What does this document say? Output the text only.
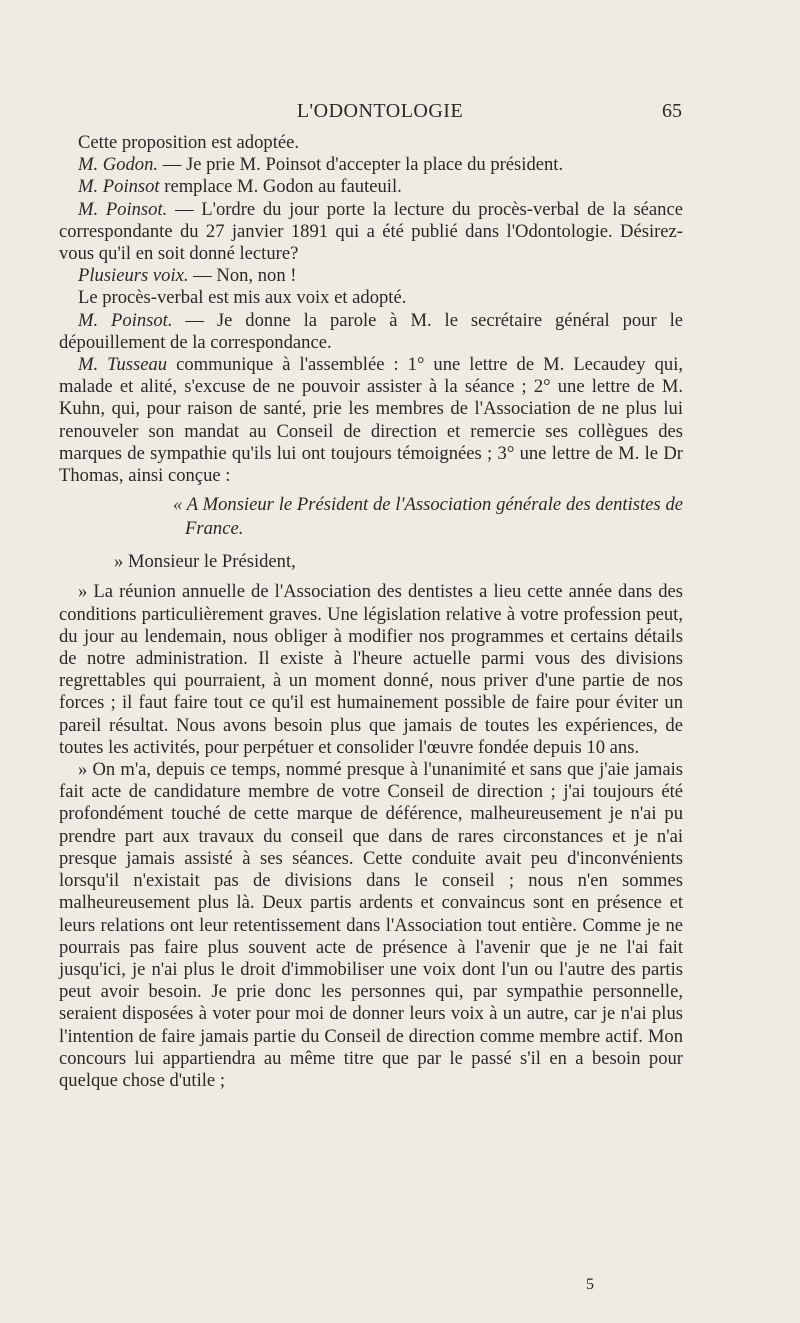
L'ODONTOLOGIE	65

Cette proposition est adoptée.

M. Godon. — Je prie M. Poinsot d'accepter la place du président.

M. Poinsot remplace M. Godon au fauteuil.

M. Poinsot. — L'ordre du jour porte la lecture du procès-verbal de la séance correspondante du 27 janvier 1891 qui a été publié dans l'Odontologie. Désirez-vous qu'il en soit donné lecture?

Plusieurs voix. — Non, non !

Le procès-verbal est mis aux voix et adopté.

M. Poinsot. — Je donne la parole à M. le secrétaire général pour le dépouillement de la correspondance.

M. Tusseau communique à l'assemblée : 1° une lettre de M. Lecaudey qui, malade et alité, s'excuse de ne pouvoir assister à la séance ; 2° une lettre de M. Kuhn, qui, pour raison de santé, prie les membres de l'Association de ne plus lui renouveler son mandat au Conseil de direction et remercie ses collègues des marques de sympathie qu'ils lui ont toujours témoignées ; 3° une lettre de M. le Dr Thomas, ainsi conçue :

« A Monsieur le Président de l'Association générale des dentistes de France.

» Monsieur le Président,

» La réunion annuelle de l'Association des dentistes a lieu cette année dans des conditions particulièrement graves. Une législation relative à votre profession peut, du jour au lendemain, nous obliger à modifier nos programmes et certains détails de notre administration. Il existe à l'heure actuelle parmi vous des divisions regrettables qui pourraient, à un moment donné, nous priver d'une partie de nos forces ; il faut faire tout ce qu'il est humainement possible de faire pour éviter un pareil résultat. Nous avons besoin plus que jamais de toutes les expériences, de toutes les activités, pour perpétuer et consolider l'œuvre fondée depuis 10 ans.

» On m'a, depuis ce temps, nommé presque à l'unanimité et sans que j'aie jamais fait acte de candidature membre de votre Conseil de direction ; j'ai toujours été profondément touché de cette marque de déférence, malheureusement je n'ai pu prendre part aux travaux du conseil que dans de rares circonstances et je n'ai presque jamais assisté à ses séances. Cette conduite avait peu d'inconvénients lorsqu'il n'existait pas de divisions dans le conseil ; nous n'en sommes malheureusement plus là. Deux partis ardents et convaincus sont en présence et leurs relations ont leur retentissement dans l'Association tout entière. Comme je ne pourrais pas faire plus souvent acte de présence à l'avenir que je ne l'ai fait jusqu'ici, je n'ai plus le droit d'immobiliser une voix dont l'un ou l'autre des partis peut avoir besoin. Je prie donc les personnes qui, par sympathie personnelle, seraient disposées à voter pour moi de donner leurs voix à un autre, car je n'ai plus l'intention de faire jamais partie du Conseil de direction comme membre actif. Mon concours lui appartiendra au même titre que par le passé s'il en a besoin pour quelque chose d'utile ;

5
